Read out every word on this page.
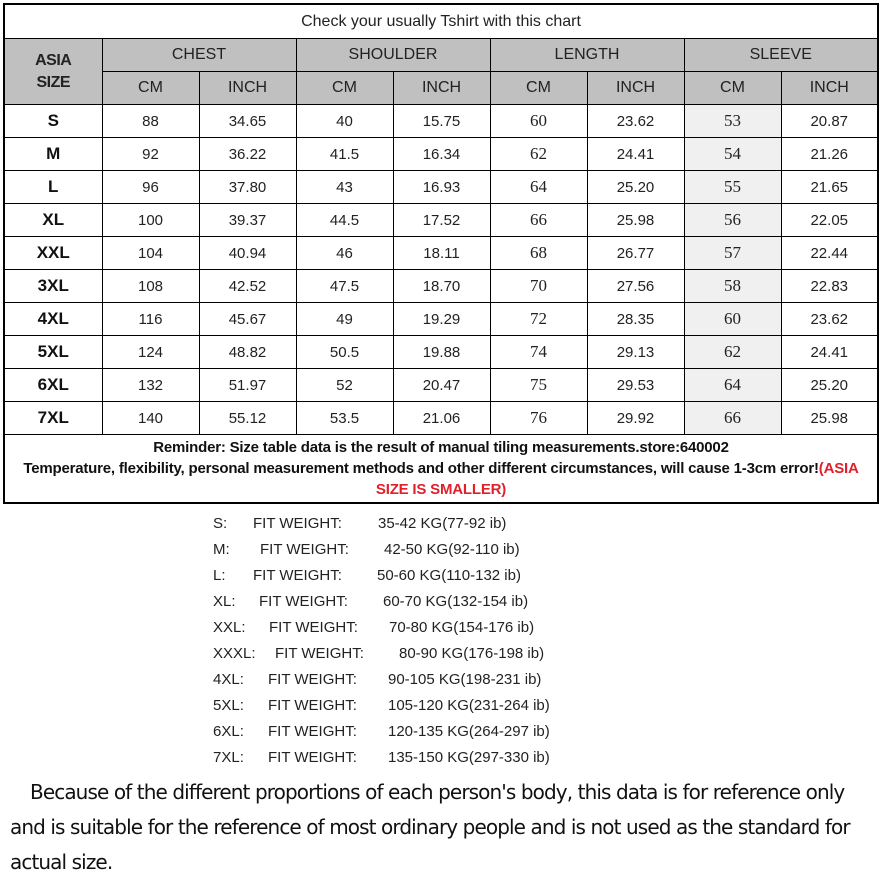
Check your usually Tshirt with this chart								

ASIA
SIZE	CHEST		SHOULDER		LENGTH		SLEEVE	
	CM	INCH	CM	INCH	CM	INCH	CM	INCH
S	88	34.65	40	15.75	60	23.62	53	20.87
M	92	36.22	41.5	16.34	62	24.41	54	21.26
L	96	37.80	43	16.93	64	25.20	55	21.65
XL	100	39.37	44.5	17.52	66	25.98	56	22.05
XXL	104	40.94	46	18.11	68	26.77	57	22.44
3XL	108	42.52	47.5	18.70	70	27.56	58	22.83
4XL	116	45.67	49	19.29	72	28.35	60	23.62
5XL	124	48.82	50.5	19.88	74	29.13	62	24.41
6XL	132	51.97	52	20.47	75	29.53	64	25.20
7XL	140	55.12	53.5	21.06	76	29.92	66	25.98

Reminder: Size table data is the result of manual tiling measurements.store:640002
Temperature, flexibility, personal measurement methods and other different circumstances, will cause 1-3cm error!(ASIA SIZE IS SMALLER)								
S: FIT WEIGHT: 35-42 KG(77-92 ib)
M: FIT WEIGHT: 42-50 KG(92-110 ib)
L: FIT WEIGHT: 50-60 KG(110-132 ib)
XL: FIT WEIGHT: 60-70 KG(132-154 ib)
XXL: FIT WEIGHT: 70-80 KG(154-176 ib)
XXXL: FIT WEIGHT: 80-90 KG(176-198 ib)
4XL: FIT WEIGHT: 90-105 KG(198-231 ib)
5XL: FIT WEIGHT: 105-120 KG(231-264 ib)
6XL: FIT WEIGHT: 120-135 KG(264-297 ib)
7XL: FIT WEIGHT: 135-150 KG(297-330 ib)
Because of the different proportions of each person's body, this data is for reference only and is suitable for the reference of most ordinary people and is not used as the standard for actual size.
